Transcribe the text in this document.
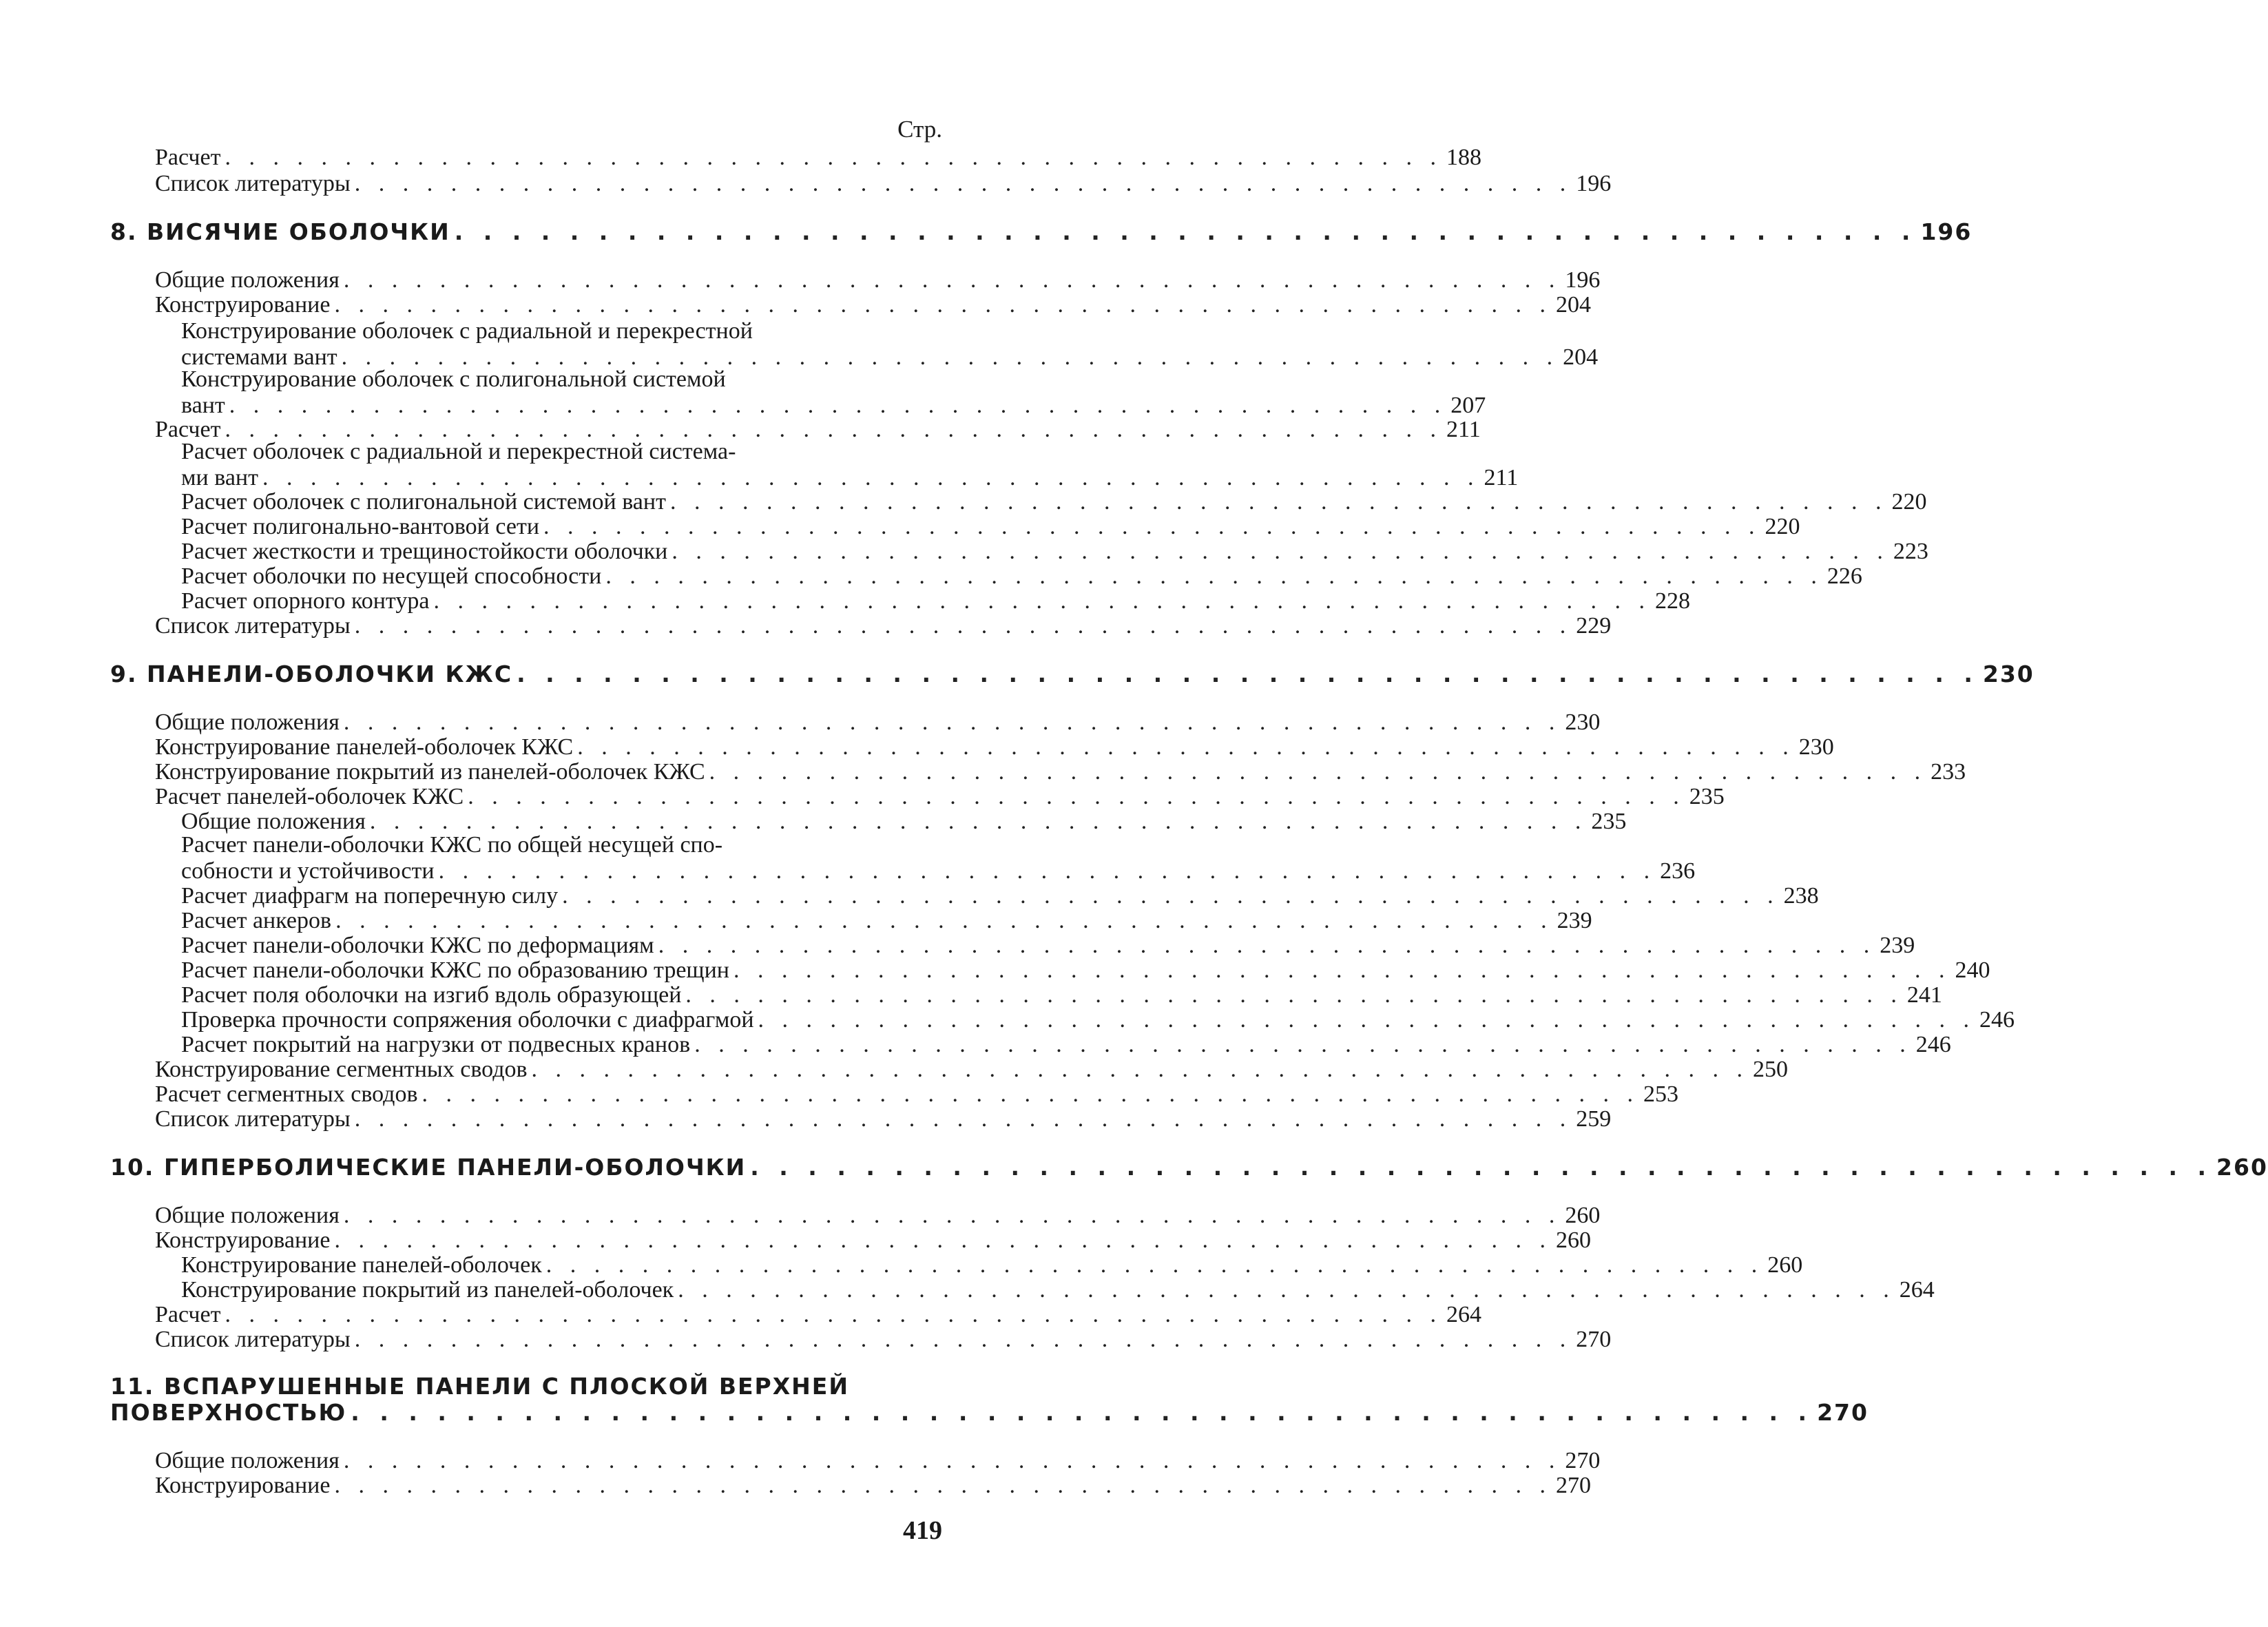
Стр.
Расчет . . . . . . . . . . . . . . . . . . . . . . . . . . . . . . . . . . . . . . . . . . . . . . . . . . . 188
Список литературы . . . . . . . . . . . . . . . . . . . . . . . . . . . . . . . . . . . . . . . . . . . . . . . . . . . 196
8. ВИСЯЧИЕ ОБОЛОЧКИ . . . . . . . . . . . . . . . . . . . . . . . . . . . . . . . . . . . . . . . . . . . . . . . . . . . 196
Общие положения . . . . . . . . . . . . . . . . . . . . . . . . . . . . . . . . . . . . . . . . . . . . . . . . . . . 196
Конструирование . . . . . . . . . . . . . . . . . . . . . . . . . . . . . . . . . . . . . . . . . . . . . . . . . . . 204
Конструирование оболочек с радиальной и перекрестной
системами вант . . . . . . . . . . . . . . . . . . . . . . . . . . . . . . . . . . . . . . . . . . . . . . . . . . . 204
Конструирование оболочек с полигональной системой
вант . . . . . . . . . . . . . . . . . . . . . . . . . . . . . . . . . . . . . . . . . . . . . . . . . . . 207
Расчет . . . . . . . . . . . . . . . . . . . . . . . . . . . . . . . . . . . . . . . . . . . . . . . . . . . 211
Расчет оболочек с радиальной и перекрестной система-
ми вант . . . . . . . . . . . . . . . . . . . . . . . . . . . . . . . . . . . . . . . . . . . . . . . . . . . 211
Расчет оболочек с полигональной системой вант . . . . . . . . . . . . . . . . . . . . . . . . . . . . . . . . . . . . . . . . . . . . . . . . . . . 220
Расчет полигонально-вантовой сети . . . . . . . . . . . . . . . . . . . . . . . . . . . . . . . . . . . . . . . . . . . . . . . . . . . 220
Расчет жесткости и трещиностойкости оболочки . . . . . . . . . . . . . . . . . . . . . . . . . . . . . . . . . . . . . . . . . . . . . . . . . . . 223
Расчет оболочки по несущей способности . . . . . . . . . . . . . . . . . . . . . . . . . . . . . . . . . . . . . . . . . . . . . . . . . . . 226
Расчет опорного контура . . . . . . . . . . . . . . . . . . . . . . . . . . . . . . . . . . . . . . . . . . . . . . . . . . . 228
Список литературы . . . . . . . . . . . . . . . . . . . . . . . . . . . . . . . . . . . . . . . . . . . . . . . . . . . 229
9. ПАНЕЛИ-ОБОЛОЧКИ КЖС . . . . . . . . . . . . . . . . . . . . . . . . . . . . . . . . . . . . . . . . . . . . . . . . . . . 230
Общие положения . . . . . . . . . . . . . . . . . . . . . . . . . . . . . . . . . . . . . . . . . . . . . . . . . . . 230
Конструирование панелей-оболочек КЖС . . . . . . . . . . . . . . . . . . . . . . . . . . . . . . . . . . . . . . . . . . . . . . . . . . . 230
Конструирование покрытий из панелей-оболочек КЖС . . . . . . . . . . . . . . . . . . . . . . . . . . . . . . . . . . . . . . . . . . . . . . . . . . . 233
Расчет панелей-оболочек КЖС . . . . . . . . . . . . . . . . . . . . . . . . . . . . . . . . . . . . . . . . . . . . . . . . . . . 235
Общие положения . . . . . . . . . . . . . . . . . . . . . . . . . . . . . . . . . . . . . . . . . . . . . . . . . . . 235
Расчет панели-оболочки КЖС по общей несущей спо-
собности и устойчивости . . . . . . . . . . . . . . . . . . . . . . . . . . . . . . . . . . . . . . . . . . . . . . . . . . . 236
Расчет диафрагм на поперечную силу . . . . . . . . . . . . . . . . . . . . . . . . . . . . . . . . . . . . . . . . . . . . . . . . . . . 238
Расчет анкеров . . . . . . . . . . . . . . . . . . . . . . . . . . . . . . . . . . . . . . . . . . . . . . . . . . . 239
Расчет панели-оболочки КЖС по деформациям . . . . . . . . . . . . . . . . . . . . . . . . . . . . . . . . . . . . . . . . . . . . . . . . . . . 239
Расчет панели-оболочки КЖС по образованию трещин . . . . . . . . . . . . . . . . . . . . . . . . . . . . . . . . . . . . . . . . . . . . . . . . . . . 240
Расчет поля оболочки на изгиб вдоль образующей . . . . . . . . . . . . . . . . . . . . . . . . . . . . . . . . . . . . . . . . . . . . . . . . . . . 241
Проверка прочности сопряжения оболочки с диафрагмой . . . . . . . . . . . . . . . . . . . . . . . . . . . . . . . . . . . . . . . . . . . . . . . . . . . 246
Расчет покрытий на нагрузки от подвесных кранов . . . . . . . . . . . . . . . . . . . . . . . . . . . . . . . . . . . . . . . . . . . . . . . . . . . 246
Конструирование сегментных сводов . . . . . . . . . . . . . . . . . . . . . . . . . . . . . . . . . . . . . . . . . . . . . . . . . . . 250
Расчет сегментных сводов . . . . . . . . . . . . . . . . . . . . . . . . . . . . . . . . . . . . . . . . . . . . . . . . . . . 253
Список литературы . . . . . . . . . . . . . . . . . . . . . . . . . . . . . . . . . . . . . . . . . . . . . . . . . . . 259
10. ГИПЕРБОЛИЧЕСКИЕ ПАНЕЛИ-ОБОЛОЧКИ . . . . . . . . . . . . . . . . . . . . . . . . . . . . . . . . . . . . . . . . . . . . . . . . . . . 260
Общие положения . . . . . . . . . . . . . . . . . . . . . . . . . . . . . . . . . . . . . . . . . . . . . . . . . . . 260
Конструирование . . . . . . . . . . . . . . . . . . . . . . . . . . . . . . . . . . . . . . . . . . . . . . . . . . . 260
Конструирование панелей-оболочек . . . . . . . . . . . . . . . . . . . . . . . . . . . . . . . . . . . . . . . . . . . . . . . . . . . 260
Конструирование покрытий из панелей-оболочек . . . . . . . . . . . . . . . . . . . . . . . . . . . . . . . . . . . . . . . . . . . . . . . . . . . 264
Расчет . . . . . . . . . . . . . . . . . . . . . . . . . . . . . . . . . . . . . . . . . . . . . . . . . . . 264
Список литературы . . . . . . . . . . . . . . . . . . . . . . . . . . . . . . . . . . . . . . . . . . . . . . . . . . . 270
11. ВСПАРУШЕННЫЕ ПАНЕЛИ С ПЛОСКОЙ ВЕРХНЕЙ
ПОВЕРХНОСТЬЮ . . . . . . . . . . . . . . . . . . . . . . . . . . . . . . . . . . . . . . . . . . . . . . . . . . . 270
Общие положения . . . . . . . . . . . . . . . . . . . . . . . . . . . . . . . . . . . . . . . . . . . . . . . . . . . 270
Конструирование . . . . . . . . . . . . . . . . . . . . . . . . . . . . . . . . . . . . . . . . . . . . . . . . . . . 270
419
